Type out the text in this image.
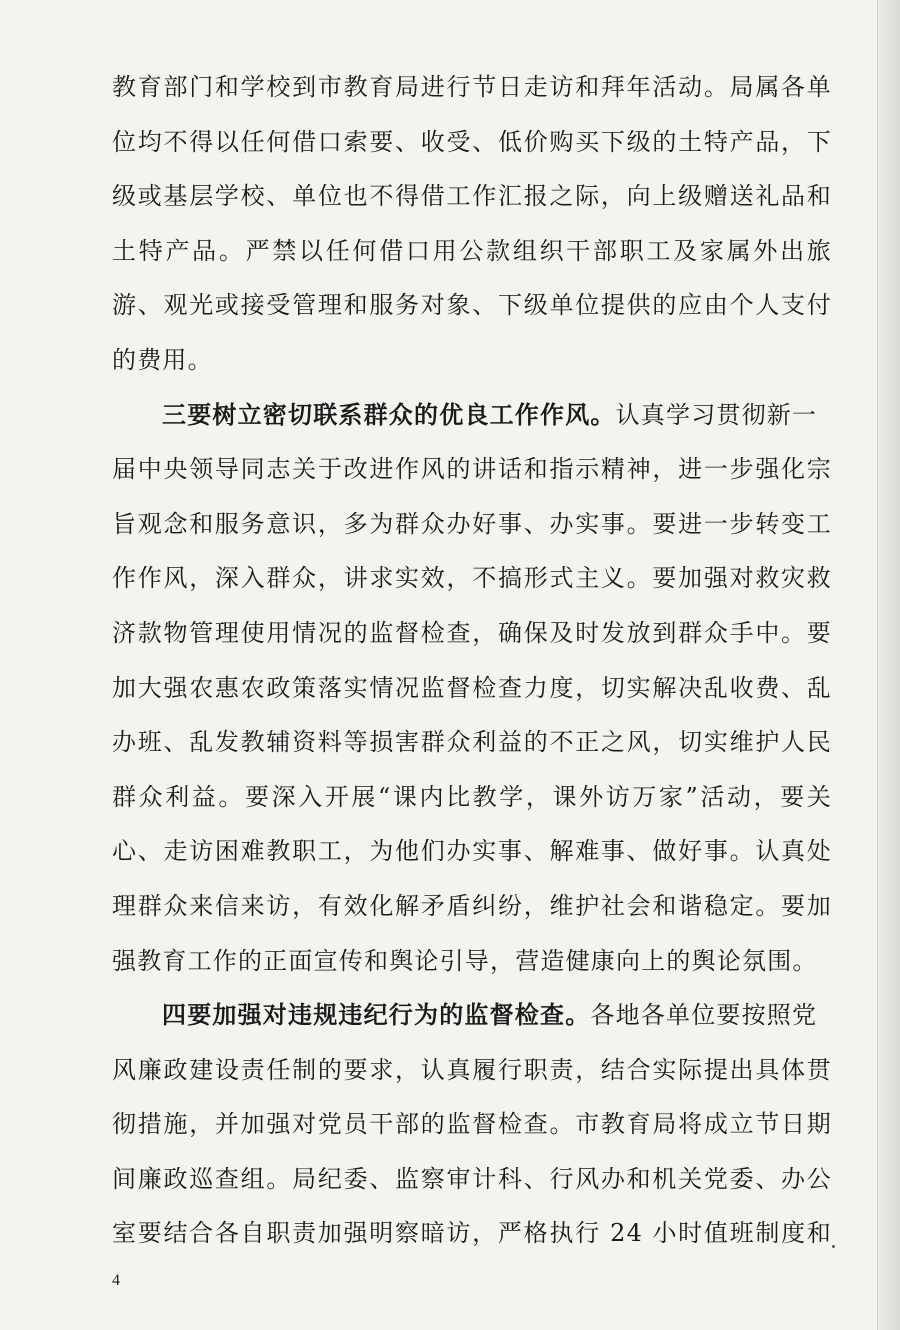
教育部门和学校到市教育局进行节日走访和拜年活动。局属各单
位均不得以任何借口索要、收受、低价购买下级的土特产品，下
级或基层学校、单位也不得借工作汇报之际，向上级赠送礼品和
土特产品。严禁以任何借口用公款组织干部职工及家属外出旅
游、观光或接受管理和服务对象、下级单位提供的应由个人支付
的费用。
三要树立密切联系群众的优良工作作风。认真学习贯彻新一
届中央领导同志关于改进作风的讲话和指示精神，进一步强化宗
旨观念和服务意识，多为群众办好事、办实事。要进一步转变工
作作风，深入群众，讲求实效，不搞形式主义。要加强对救灾救
济款物管理使用情况的监督检查，确保及时发放到群众手中。要
加大强农惠农政策落实情况监督检查力度，切实解决乱收费、乱
办班、乱发教辅资料等损害群众利益的不正之风，切实维护人民
群众利益。要深入开展“课内比教学，课外访万家”活动，要关
心、走访困难教职工，为他们办实事、解难事、做好事。认真处
理群众来信来访，有效化解矛盾纠纷，维护社会和谐稳定。要加
强教育工作的正面宣传和舆论引导，营造健康向上的舆论氛围。
四要加强对违规违纪行为的监督检查。各地各单位要按照党
风廉政建设责任制的要求，认真履行职责，结合实际提出具体贯
彻措施，并加强对党员干部的监督检查。市教育局将成立节日期
间廉政巡查组。局纪委、监察审计科、行风办和机关党委、办公
室要结合各自职责加强明察暗访，严格执行 24 小时值班制度和
4
